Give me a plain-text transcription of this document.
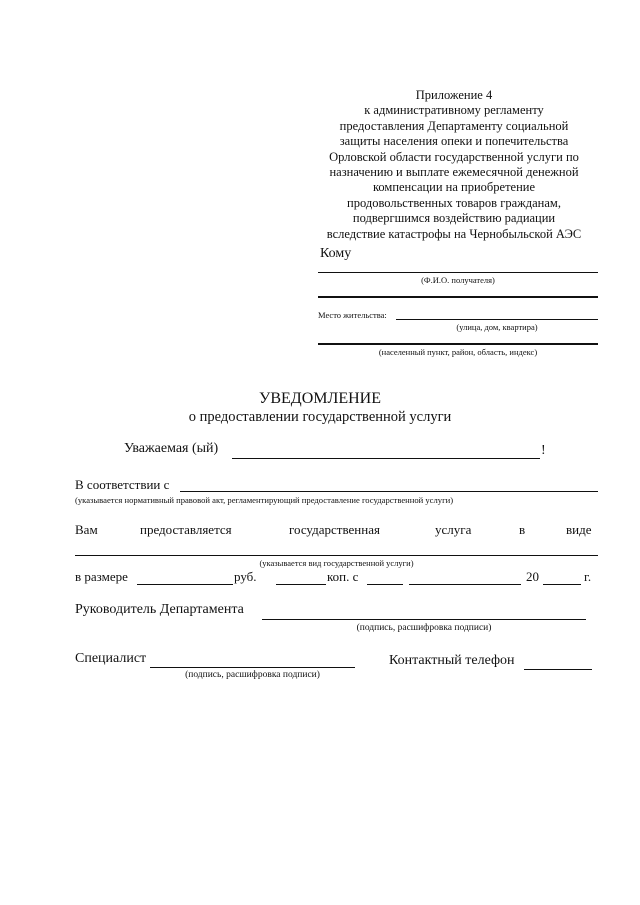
Приложение 4
к административному регламенту
предоставления Департаменту социальной
защиты населения опеки и попечительства
Орловской области государственной услуги по
назначению и выплате ежемесячной денежной
компенсации на приобретение
продовольственных товаров гражданам,
подвергшимся воздействию радиации
вследствие катастрофы на Чернобыльской АЭС
Кому
(Ф.И.О. получателя)
Место жительства:
(улица, дом, квартира)
(населенный пункт, район, область, индекс)
УВЕДОМЛЕНИЕ
о предоставлении государственной услуги
Уважаемая (ый)	!
В соответствии с
(указывается нормативный правовой акт, регламентирующий предоставление государственной услуги)
Вам	предоставляется	государственная	услуга	в	виде
(указывается вид государственной услуги)
в размере	руб.	коп. с	20	г.
Руководитель Департамента
(подпись, расшифровка подписи)
Специалист
(подпись, расшифровка подписи)
Контактный телефон
